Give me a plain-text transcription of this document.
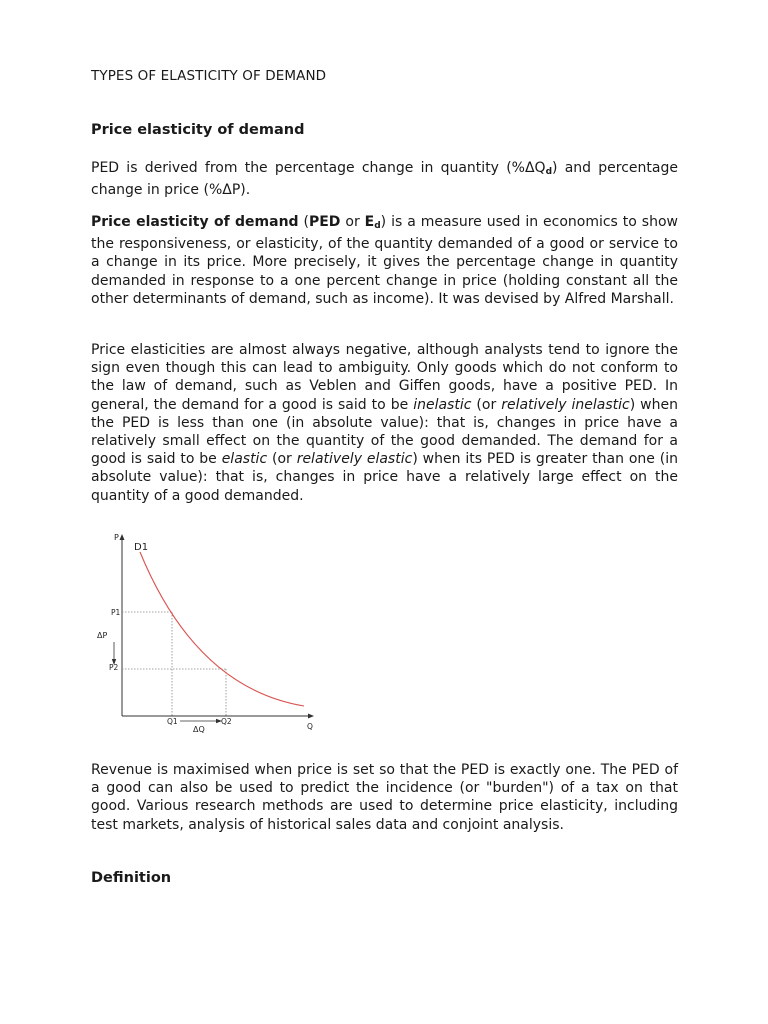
TYPES OF ELASTICITY OF DEMAND
Price elasticity of demand

PED is derived from the percentage change in quantity $(\%\Delta Q_d)$ and percentage change in price (%ΔP).

Price elasticity of demand (PED or $E_d$) is a measure used in economics to show the responsiveness, or elasticity, of the quantity demanded of a good or service to a change in its price. More precisely, it gives the percentage change in quantity demanded in response to a one percent change in price (holding constant all the other determinants of demand, such as income). It was devised by Alfred Marshall.

Price elasticities are almost always negative, although analysts tend to ignore the sign even though this can lead to ambiguity. Only goods which do not conform to the law of demand, such as Veblen and Giffen goods, have a positive PED. In general, the demand for a good is said to be inelastic (or relatively inelastic) when the PED is less than one (in absolute value): that is, changes in price have a relatively small effect on the quantity of the good demanded. The demand for a good is said to be elastic (or relatively elastic) when its PED is greater than one (in absolute value): that is, changes in price have a relatively large effect on the quantity of a good demanded.

Revenue is maximised when price is set so that the PED is exactly one. The PED of a good can also be used to predict the incidence (or "burden") of a tax on that good. Various research methods are used to determine price elasticity, including test markets, analysis of historical sales data and conjoint analysis.

Definition
P
D1
P1
ΔP
P2
Q1	Q2
ΔQ	Q
